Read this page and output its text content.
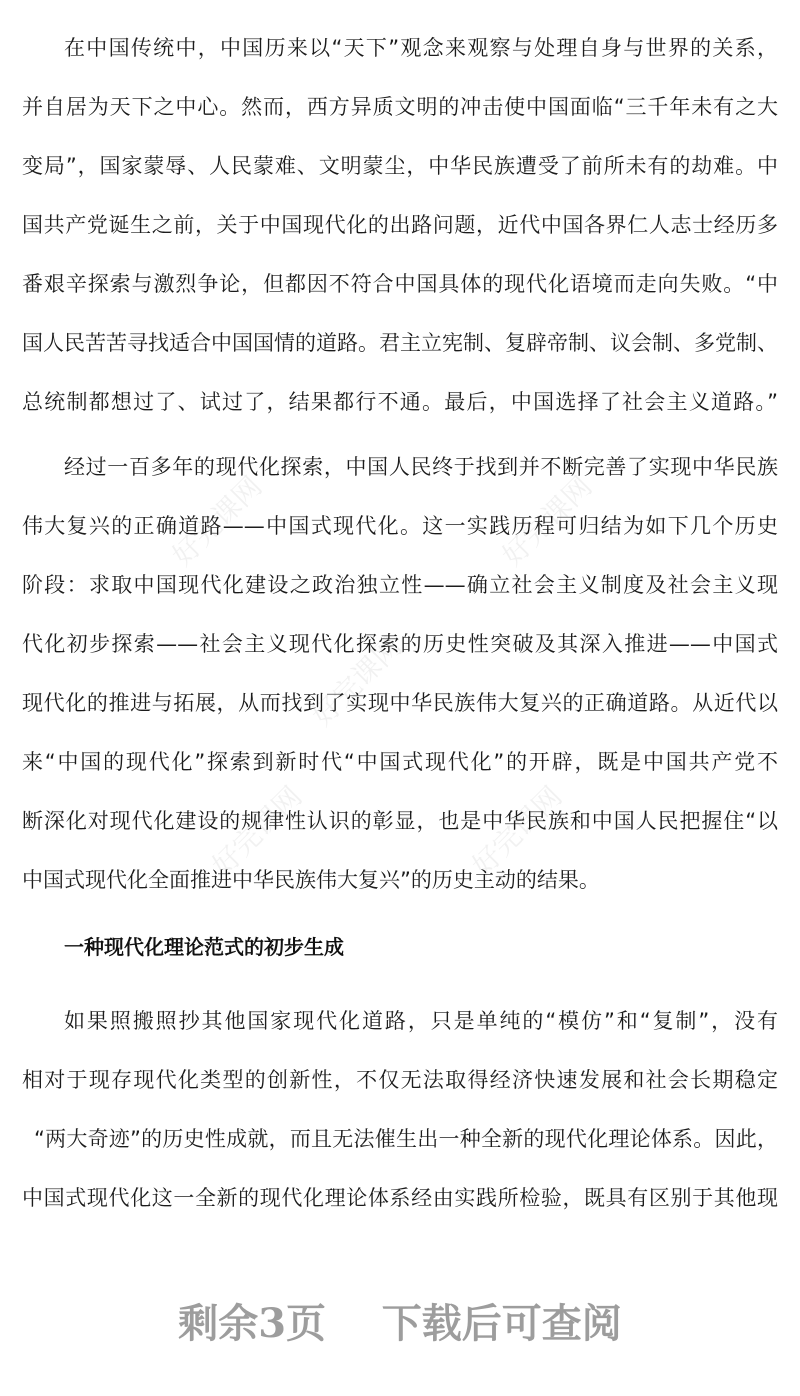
好完课网	好完课网
好完课网
好完课网	好完课网
在中国传统中，中国历来以“天下”观念来观察与处理自身与世界的关系，
并自居为天下之中心。然而，西方异质文明的冲击使中国面临“三千年未有之大
变局”，国家蒙辱、人民蒙难、文明蒙尘，中华民族遭受了前所未有的劫难。中
国共产党诞生之前，关于中国现代化的出路问题，近代中国各界仁人志士经历多
番艰辛探索与激烈争论，但都因不符合中国具体的现代化语境而走向失败。“中
国人民苦苦寻找适合中国国情的道路。君主立宪制、复辟帝制、议会制、多党制、
总统制都想过了、试过了，结果都行不通。最后，中国选择了社会主义道路。”
经过一百多年的现代化探索，中国人民终于找到并不断完善了实现中华民族
伟大复兴的正确道路——中国式现代化。这一实践历程可归结为如下几个历史
阶段：求取中国现代化建设之政治独立性——确立社会主义制度及社会主义现
代化初步探索——社会主义现代化探索的历史性突破及其深入推进——中国式
现代化的推进与拓展，从而找到了实现中华民族伟大复兴的正确道路。从近代以
来“中国的现代化”探索到新时代“中国式现代化”的开辟，既是中国共产党不
断深化对现代化建设的规律性认识的彰显，也是中华民族和中国人民把握住“以
中国式现代化全面推进中华民族伟大复兴”的历史主动的结果。
一种现代化理论范式的初步生成
如果照搬照抄其他国家现代化道路，只是单纯的“模仿”和“复制”，没有
相对于现存现代化类型的创新性，不仅无法取得经济快速发展和社会长期稳定
“两大奇迹”的历史性成就，而且无法催生出一种全新的现代化理论体系。因此，
中国式现代化这一全新的现代化理论体系经由实践所检验，既具有区别于其他现
剩余3页    下载后可查阅
